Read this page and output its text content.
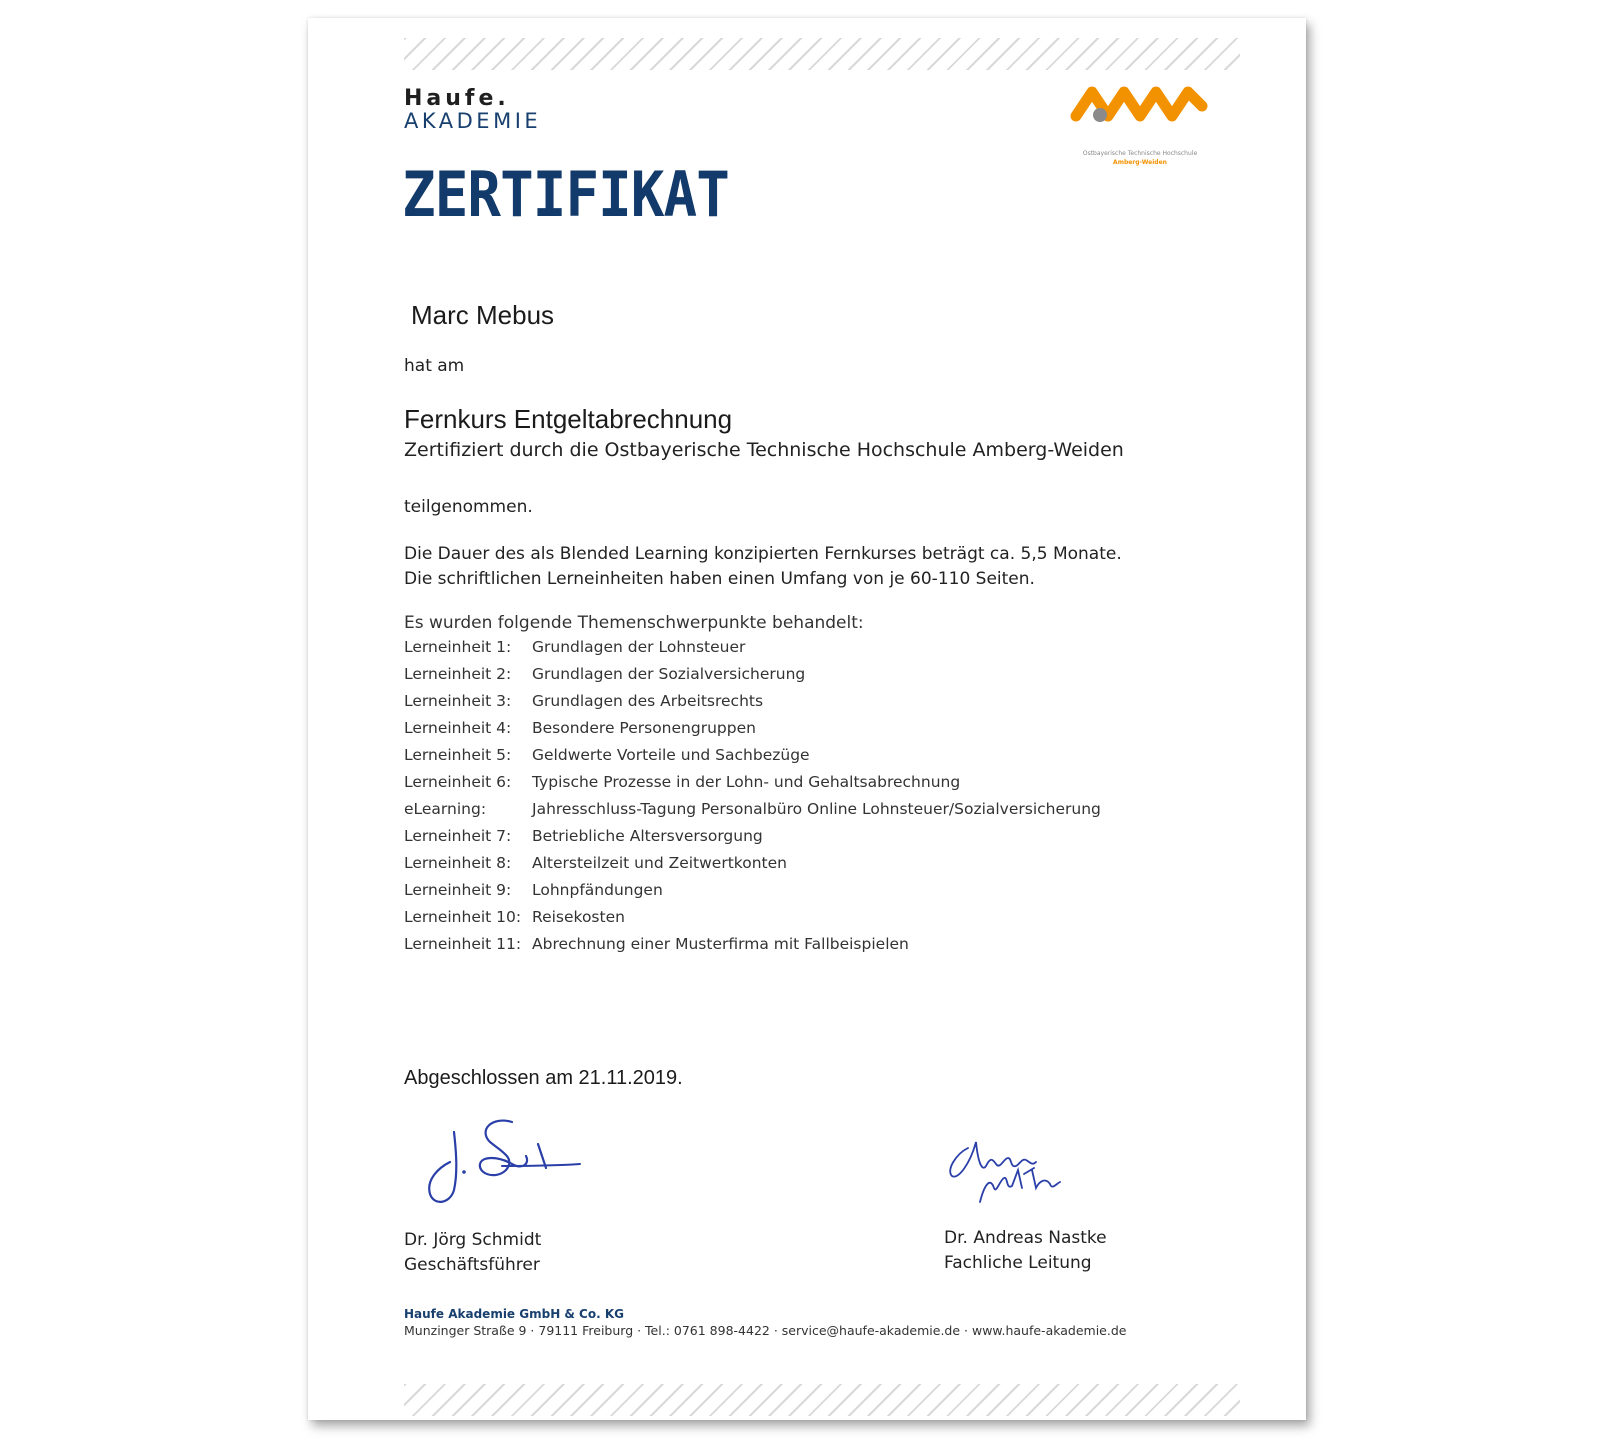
Haufe.
AKADEMIE
Ostbayerische Technische Hochschule
Amberg-Weiden
ZERTIFIKAT
Marc Mebus
hat am
Fernkurs Entgeltabrechnung
Zertifiziert durch die Ostbayerische Technische Hochschule Amberg-Weiden
teilgenommen.
Die Dauer des als Blended Learning konzipierten Fernkurses beträgt ca. 5,5 Monate.
Die schriftlichen Lerneinheiten haben einen Umfang von je 60-110 Seiten.
Es wurden folgende Themenschwerpunkte behandelt:
Lerneinheit 1: Grundlagen der Lohnsteuer
Lerneinheit 2: Grundlagen der Sozialversicherung
Lerneinheit 3: Grundlagen des Arbeitsrechts
Lerneinheit 4: Besondere Personengruppen
Lerneinheit 5: Geldwerte Vorteile und Sachbezüge
Lerneinheit 6: Typische Prozesse in der Lohn- und Gehaltsabrechnung
eLearning:	Jahresschluss-Tagung Personalbüro Online Lohnsteuer/Sozialversicherung
Lerneinheit 7: Betriebliche Altersversorgung
Lerneinheit 8: Altersteilzeit und Zeitwertkonten
Lerneinheit 9: Lohnpfändungen
Lerneinheit 10: Reisekosten
Lerneinheit 11: Abrechnung einer Musterfirma mit Fallbeispielen
Abgeschlossen am 21.11.2019.
Dr. Jörg Schmidt
Geschäftsführer
Dr. Andreas Nastke
Fachliche Leitung
Haufe Akademie GmbH & Co. KG
Munzinger Straße 9 · 79111 Freiburg · Tel.: 0761 898-4422 · service@haufe-akademie.de · www.haufe-akademie.de
